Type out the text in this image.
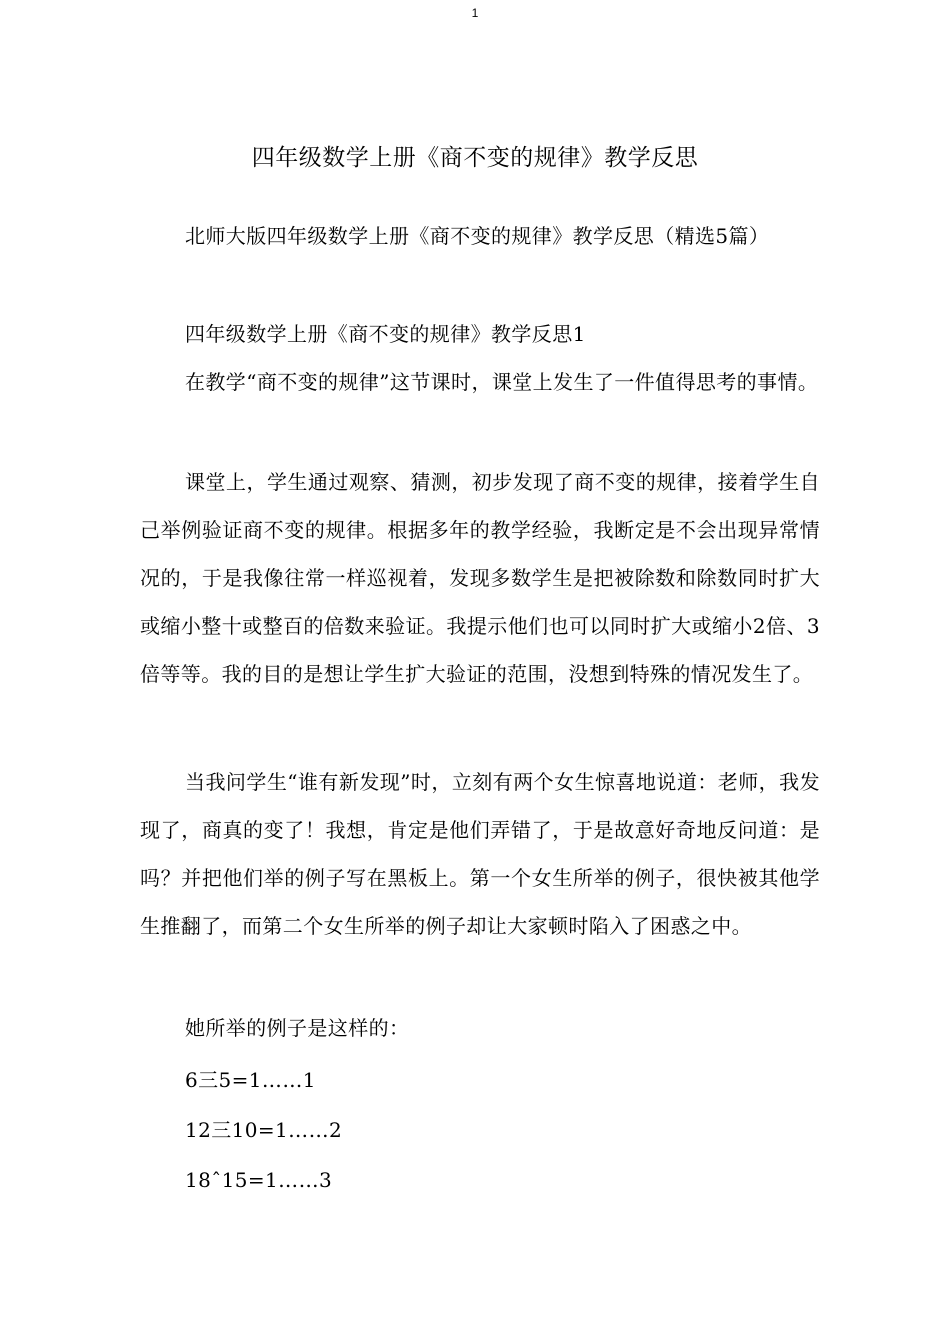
1
四年级数学上册《商不变的规律》教学反思

北师大版四年级数学上册《商不变的规律》教学反思（精选5篇）

四年级数学上册《商不变的规律》教学反思1

在教学“商不变的规律”这节课时，课堂上发生了一件值得思考的事情。

课堂上，学生通过观察、猜测，初步发现了商不变的规律，接着学生自己举例验证商不变的规律。根据多年的教学经验，我断定是不会出现异常情况的，于是我像往常一样巡视着，发现多数学生是把被除数和除数同时扩大或缩小整十或整百的倍数来验证。我提示他们也可以同时扩大或缩小2倍、3倍等等。我的目的是想让学生扩大验证的范围，没想到特殊的情况发生了。

当我问学生“谁有新发现”时，立刻有两个女生惊喜地说道：老师，我发现了，商真的变了！我想，肯定是他们弄错了，于是故意好奇地反问道：是吗？并把他们举的例子写在黑板上。第一个女生所举的例子，很快被其他学生推翻了，而第二个女生所举的例子却让大家顿时陷入了困惑之中。

她所举的例子是这样的：

6三5=1……1

12三10=1……2

18ˆ15=1……3
